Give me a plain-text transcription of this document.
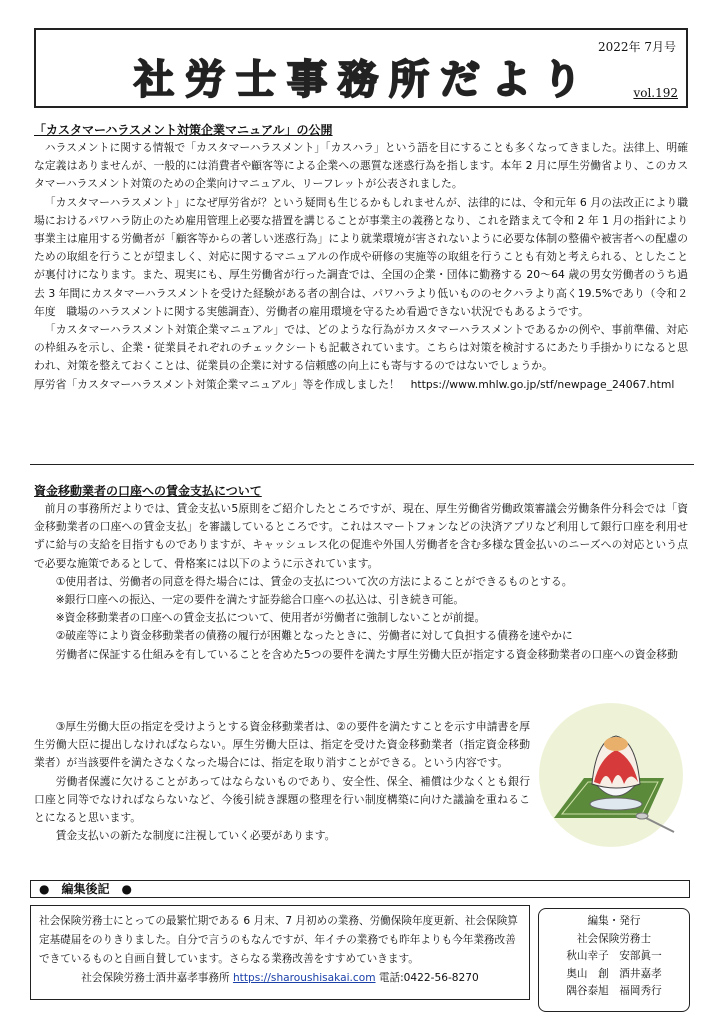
社労士事務所だより
2022年 7月号
vol.192
「カスタマーハラスメント対策企業マニュアル」の公開

ハラスメントに関する情報で「カスタマーハラスメント」「カスハラ」という語を目にすることも多くなってきました。法律上、明確な定義はありませんが、一般的には消費者や顧客等による企業への悪質な迷惑行為を指します。本年 2 月に厚生労働省より、このカスタマーハラスメント対策のための企業向けマニュアル、リーフレットが公表されました。

「カスタマーハラスメント」になぜ厚労省が？という疑問も生じるかもしれませんが、法律的には、令和元年 6 月の法改正により職場におけるパワハラ防止のため雇用管理上必要な措置を講じることが事業主の義務となり、これを踏まえて令和 2 年 1 月の指針により事業主は雇用する労働者が「顧客等からの著しい迷惑行為」により就業環境が害されないように必要な体制の整備や被害者への配慮のための取組を行うことが望ましく、対応に関するマニュアルの作成や研修の実施等の取組を行うことも有効と考えられる、としたことが裏付けになります。また、現実にも、厚生労働省が行った調査では、全国の企業・団体に勤務する 20～64 歳の男女労働者のうち過去 3 年間にカスタマーハラスメントを受けた経験がある者の割合は、パワハラより低いもののセクハラより高く19.5%であり（令和２年度　職場のハラスメントに関する実態調査）、労働者の雇用環境を守るため看過できない状況でもあるようです。

「カスタマーハラスメント対策企業マニュアル」では、どのような行為がカスタマーハラスメントであるかの例や、事前準備、対応の枠組みを示し、企業・従業員それぞれのチェックシートも記載されています。こちらは対策を検討するにあたり手掛かりになると思われ、対策を整えておくことは、従業員の企業に対する信頼感の向上にも寄与するのではないでしょうか。

厚労省「カスタマーハラスメント対策企業マニュアル」等を作成しました！　https://www.mhlw.go.jp/stf/newpage_24067.html

資金移動業者の口座への賃金支払について

前月の事務所だよりでは、賃金支払い5原則をご紹介したところですが、現在、厚生労働省労働政策審議会労働条件分科会では「資金移動業者の口座への賃金支払」を審議しているところです。これはスマートフォンなどの決済アプリなど利用して銀行口座を利用せずに給与の支給を目指すものでありますが、キャッシュレス化の促進や外国人労働者を含む多様な賃金払いのニーズへの対応という点で必要な施策であるとして、骨格案には以下のように示されています。

①使用者は、労働者の同意を得た場合には、賃金の支払について次の方法によることができるものとする。

※銀行口座への振込、一定の要件を満たす証券総合口座への払込は、引き続き可能。

※資金移動業者の口座への賃金支払について、使用者が労働者に強制しないことが前提。

②破産等により資金移動業者の債務の履行が困難となったときに、労働者に対して負担する債務を速やかに

労働者に保証する仕組みを有していることを含めた5つの要件を満たす厚生労働大臣が指定する資金移動業者の口座への資金移動

③厚生労働大臣の指定を受けようとする資金移動業者は、②の要件を満たすことを示す申請書を厚生労働大臣に提出しなければならない。厚生労働大臣は、指定を受けた資金移動業者（指定資金移動業者）が当該要件を満たさなくなった場合には、指定を取り消すことができる。という内容です。

労働者保護に欠けることがあってはならないものであり、安全性、保全、補償は少なくとも銀行口座と同等でなければならないなど、今後引続き課題の整理を行い制度構築に向けた議論を重ねることになると思います。

賃金支払いの新たな制度に注視していく必要があります。

●　編集後記　●
社会保険労務士にとっての最繁忙期である 6 月末、7 月初めの業務、労働保険年度更新、社会保険算定基礎届をのりきりました。自分で言うのもなんですが、年イチの業務でも昨年よりも今年業務改善できているものと自画自賛しています。さらなる業務改善をすすめていきます。
社会保険労務士酒井嘉孝事務所 https://sharoushisakai.com 電話:0422-56-8270
編集・発行
社会保険労務士
秋山幸子　安部眞一
奥山　創　酒井嘉孝
隅谷泰旭　福岡秀行
